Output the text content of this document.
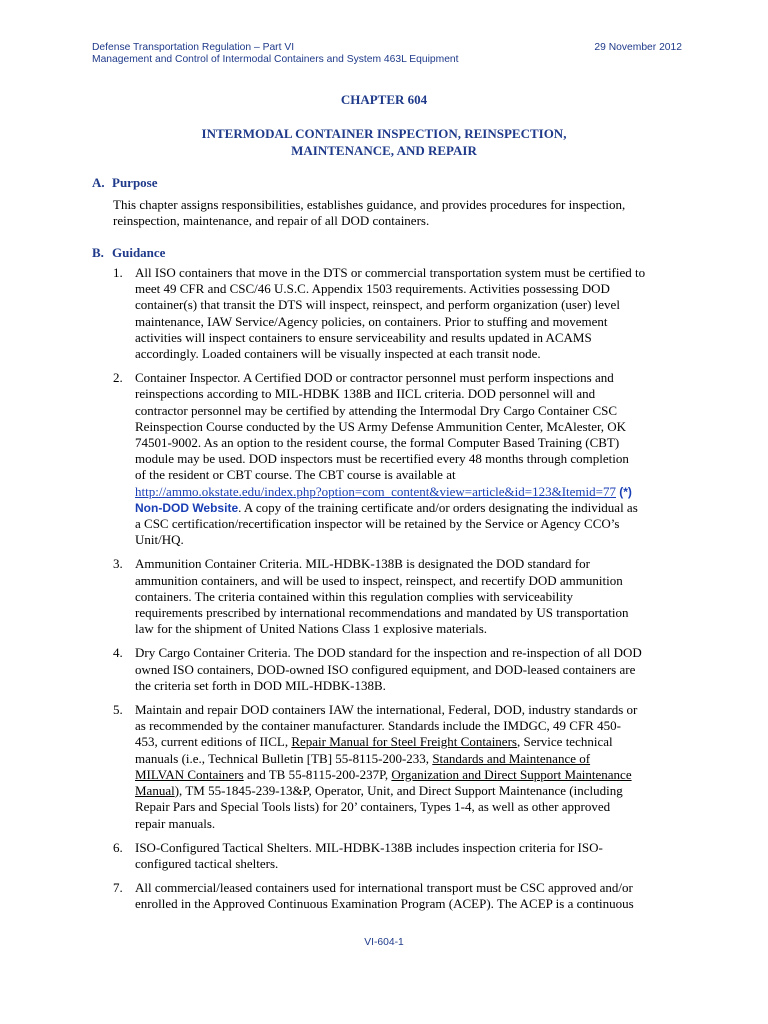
Defense Transportation Regulation – Part VI	29 November 2012
Management and Control of Intermodal Containers and System 463L Equipment
CHAPTER 604
INTERMODAL CONTAINER INSPECTION, REINSPECTION,
MAINTENANCE, AND REPAIR
A. Purpose
This chapter assigns responsibilities, establishes guidance, and provides procedures for inspection,
reinspection, maintenance, and repair of all DOD containers.
B. Guidance
1. All ISO containers that move in the DTS or commercial transportation system must be certified to
meet 49 CFR and CSC/46 U.S.C. Appendix 1503 requirements. Activities possessing DOD
container(s) that transit the DTS will inspect, reinspect, and perform organization (user) level
maintenance, IAW Service/Agency policies, on containers. Prior to stuffing and movement
activities will inspect containers to ensure serviceability and results updated in ACAMS
accordingly. Loaded containers will be visually inspected at each transit node.
2. Container Inspector. A Certified DOD or contractor personnel must perform inspections and
reinspections according to MIL-HDBK 138B and IICL criteria. DOD personnel will and
contractor personnel may be certified by attending the Intermodal Dry Cargo Container CSC
Reinspection Course conducted by the US Army Defense Ammunition Center, McAlester, OK
74501-9002. As an option to the resident course, the formal Computer Based Training (CBT)
module may be used. DOD inspectors must be recertified every 48 months through completion
of the resident or CBT course. The CBT course is available at
http://ammo.okstate.edu/index.php?option=com_content&view=article&id=123&Itemid=77 (*)
Non-DOD Website. A copy of the training certificate and/or orders designating the individual as
a CSC certification/recertification inspector will be retained by the Service or Agency CCO’s
Unit/HQ.
3. Ammunition Container Criteria. MIL-HDBK-138B is designated the DOD standard for
ammunition containers, and will be used to inspect, reinspect, and recertify DOD ammunition
containers. The criteria contained within this regulation complies with serviceability
requirements prescribed by international recommendations and mandated by US transportation
law for the shipment of United Nations Class 1 explosive materials.
4. Dry Cargo Container Criteria. The DOD standard for the inspection and re-inspection of all DOD
owned ISO containers, DOD-owned ISO configured equipment, and DOD-leased containers are
the criteria set forth in DOD MIL-HDBK-138B.
5. Maintain and repair DOD containers IAW the international, Federal, DOD, industry standards or
as recommended by the container manufacturer. Standards include the IMDGC, 49 CFR 450-
453, current editions of IICL, Repair Manual for Steel Freight Containers, Service technical
manuals (i.e., Technical Bulletin [TB] 55-8115-200-233, Standards and Maintenance of
MILVAN Containers and TB 55-8115-200-237P, Organization and Direct Support Maintenance
Manual), TM 55-1845-239-13&P, Operator, Unit, and Direct Support Maintenance (including
Repair Pars and Special Tools lists) for 20’ containers, Types 1-4, as well as other approved
repair manuals.
6. ISO-Configured Tactical Shelters. MIL-HDBK-138B includes inspection criteria for ISO-
configured tactical shelters.
7. All commercial/leased containers used for international transport must be CSC approved and/or
enrolled in the Approved Continuous Examination Program (ACEP). The ACEP is a continuous
VI-604-1
